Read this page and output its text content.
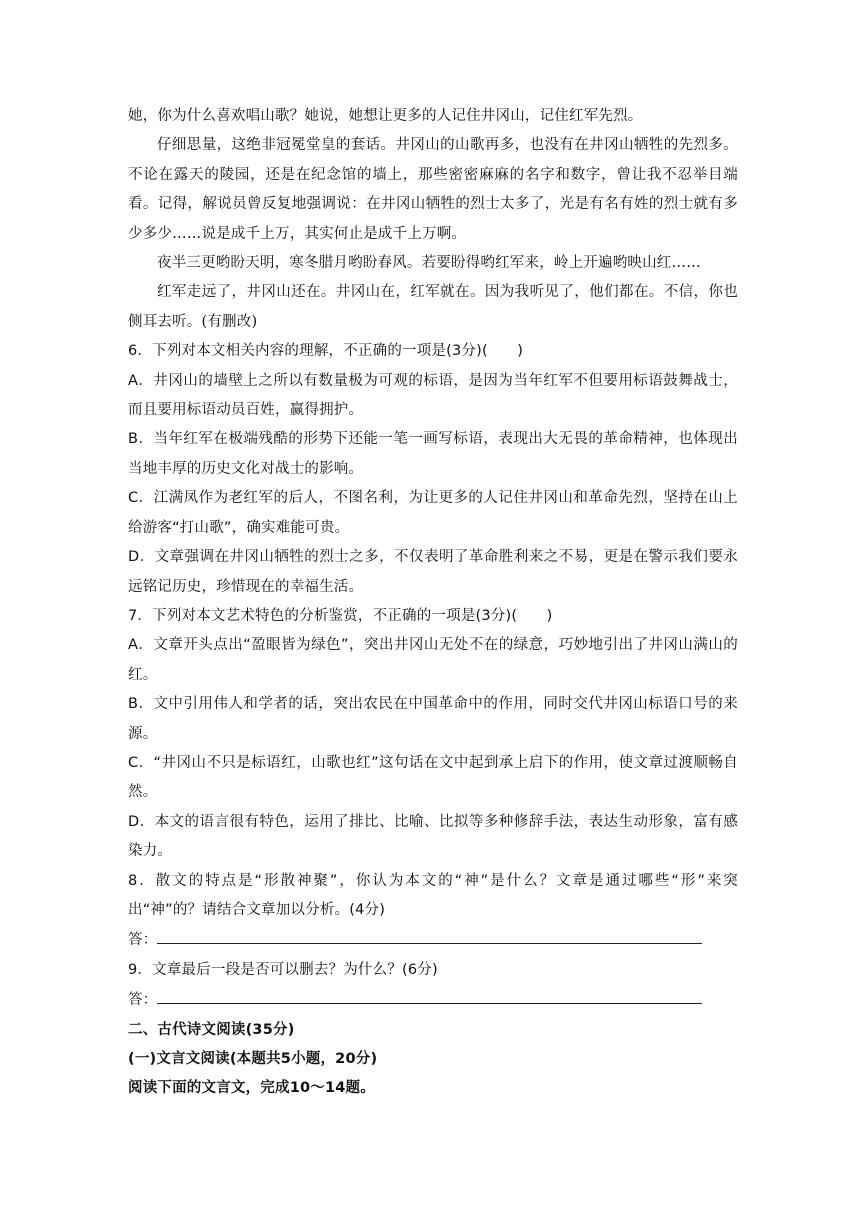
她，你为什么喜欢唱山歌？她说，她想让更多的人记住井冈山，记住红军先烈。

仔细思量，这绝非冠冕堂皇的套话。井冈山的山歌再多，也没有在井冈山牺牲的先烈多。不论在露天的陵园，还是在纪念馆的墙上，那些密密麻麻的名字和数字，曾让我不忍举目端看。记得，解说员曾反复地强调说：在井冈山牺牲的烈士太多了，光是有名有姓的烈士就有多少多少……说是成千上万，其实何止是成千上万啊。

夜半三更哟盼天明，寒冬腊月哟盼春风。若要盼得哟红军来，岭上开遍哟映山红……

红军走远了，井冈山还在。井冈山在，红军就在。因为我听见了，他们都在。不信，你也侧耳去听。(有删改)

6．下列对本文相关内容的理解，不正确的一项是(3分)(　　)

A．井冈山的墙壁上之所以有数量极为可观的标语，是因为当年红军不但要用标语鼓舞战士，而且要用标语动员百姓，赢得拥护。

B．当年红军在极端残酷的形势下还能一笔一画写标语，表现出大无畏的革命精神，也体现出当地丰厚的历史文化对战士的影响。

C．江满凤作为老红军的后人，不图名利，为让更多的人记住井冈山和革命先烈，坚持在山上给游客“打山歌”，确实难能可贵。

D．文章强调在井冈山牺牲的烈士之多，不仅表明了革命胜利来之不易，更是在警示我们要永远铭记历史，珍惜现在的幸福生活。

7．下列对本文艺术特色的分析鉴赏，不正确的一项是(3分)(　　)

A．文章开头点出“盈眼皆为绿色”，突出井冈山无处不在的绿意，巧妙地引出了井冈山满山的红。

B．文中引用伟人和学者的话，突出农民在中国革命中的作用，同时交代井冈山标语口号的来源。

C．“井冈山不只是标语红，山歌也红”这句话在文中起到承上启下的作用，使文章过渡顺畅自然。

D．本文的语言很有特色，运用了排比、比喻、比拟等多种修辞手法，表达生动形象，富有感染力。

8．散文的特点是“形散神聚”，你认为本文的“神”是什么？文章是通过哪些“形”来突出“神”的？请结合文章加以分析。(4分)

答：

9．文章最后一段是否可以删去？为什么？(6分)

答：

二、古代诗文阅读(35分)

(一)文言文阅读(本题共5小题，20分)

阅读下面的文言文，完成10～14题。
